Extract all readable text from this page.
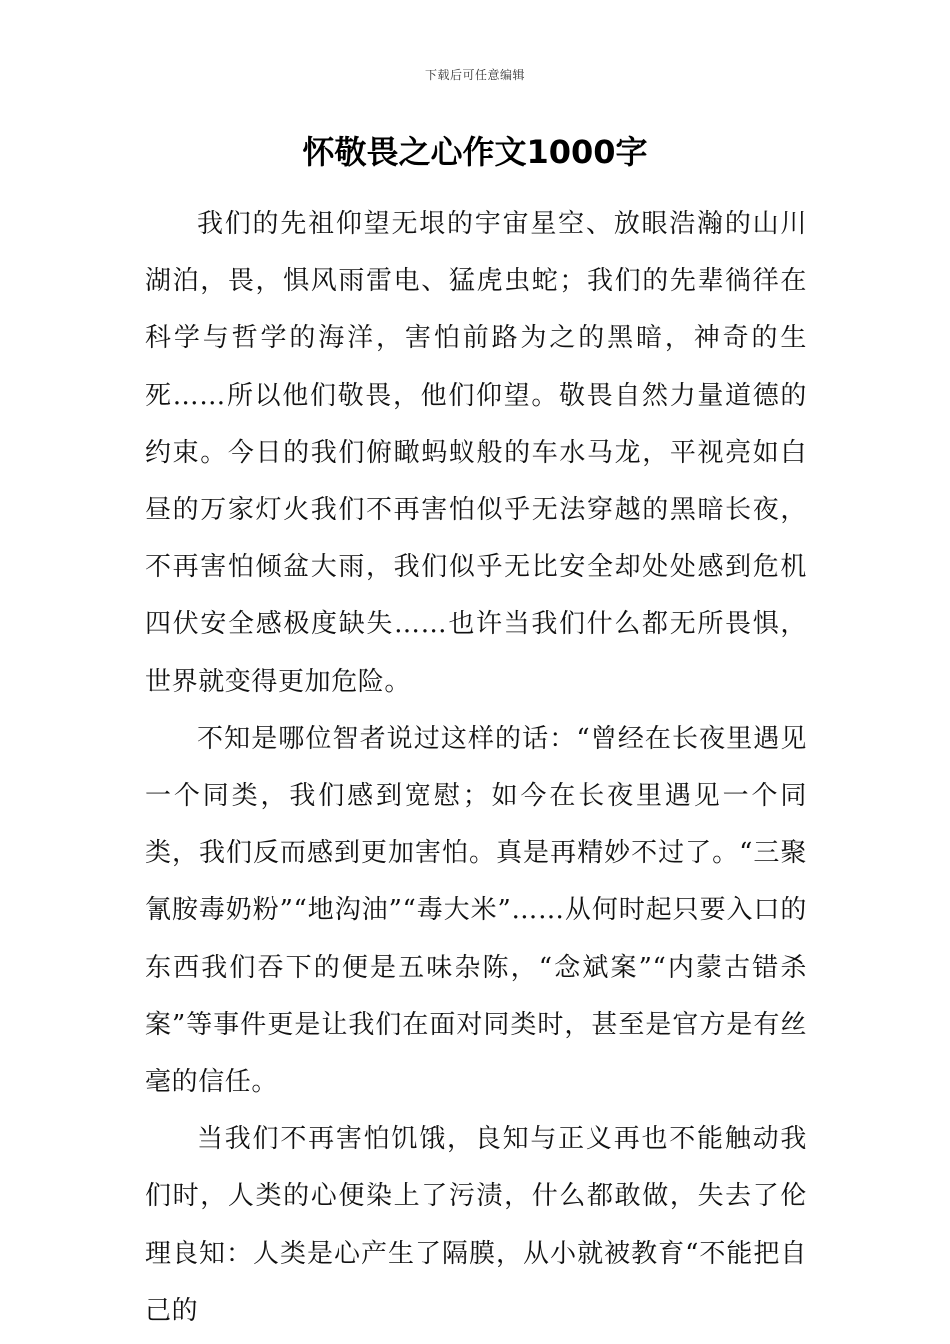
下载后可任意编辑
怀敬畏之心作文1000字

我们的先祖仰望无垠的宇宙星空、放眼浩瀚的山川湖泊，畏，惧风雨雷电、猛虎虫蛇；我们的先辈徜徉在科学与哲学的海洋，害怕前路为之的黑暗，神奇的生死……所以他们敬畏，他们仰望。敬畏自然力量道德的约束。今日的我们俯瞰蚂蚁般的车水马龙，平视亮如白昼的万家灯火我们不再害怕似乎无法穿越的黑暗长夜，不再害怕倾盆大雨，我们似乎无比安全却处处感到危机四伏安全感极度缺失……也许当我们什么都无所畏惧，世界就变得更加危险。

不知是哪位智者说过这样的话：“曾经在长夜里遇见一个同类，我们感到宽慰；如今在长夜里遇见一个同类，我们反而感到更加害怕。真是再精妙不过了。“三聚氰胺毒奶粉”“地沟油”“毒大米”……从何时起只要入口的东西我们吞下的便是五味杂陈，“念斌案”“内蒙古错杀案”等事件更是让我们在面对同类时，甚至是官方是有丝毫的信任。

当我们不再害怕饥饿，良知与正义再也不能触动我们时，人类的心便染上了污渍，什么都敢做，失去了伦理良知：人类是心产生了隔膜，从小就被教育“不能把自己的
